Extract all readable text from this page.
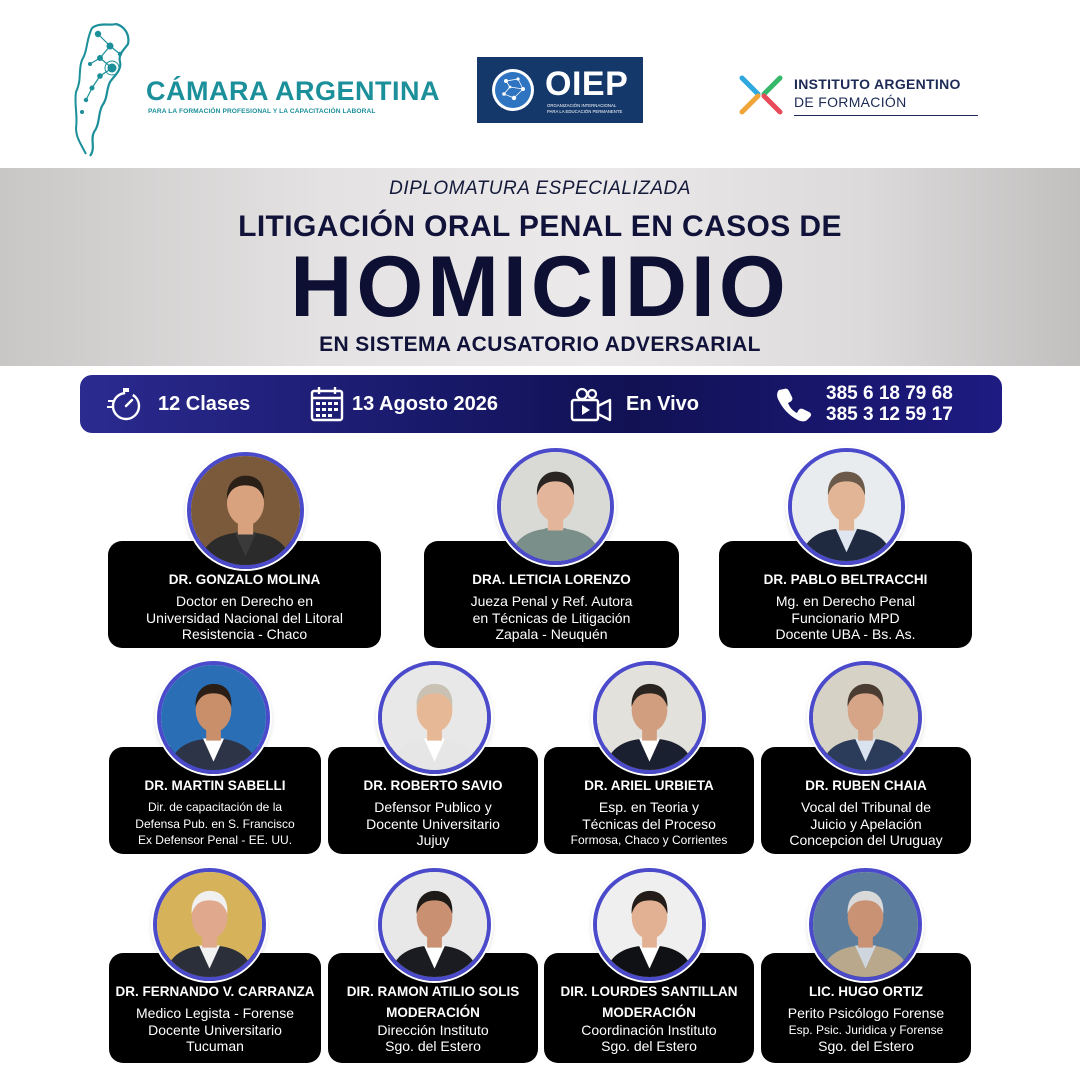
CÁMARA ARGENTINA
PARA LA FORMACIÓN PROFESIONAL Y LA CAPACITACIÓN LABORAL
OIEP
ORGANIZACIÓN INTERNACIONAL
PARA LA EDUCACIÓN PERMANENTE
INSTITUTO ARGENTINO
DE FORMACIÓN
DIPLOMATURA ESPECIALIZADA
LITIGACIÓN ORAL PENAL EN CASOS DE
HOMICIDIO
EN SISTEMA ACUSATORIO ADVERSARIAL
12 Clases	13 Agosto 2026	En Vivo	385 6 18 79 68
385 3 12 59 17
DR. GONZALO MOLINA
Doctor en Derecho en
Universidad Nacional del Litoral
Resistencia - Chaco
DRA. LETICIA LORENZO
Jueza Penal y Ref. Autora
en Técnicas de Litigación
Zapala - Neuquén
DR. PABLO BELTRACCHI
Mg. en Derecho Penal
Funcionario MPD
Docente UBA - Bs. As.
DR. MARTIN SABELLI
Dir. de capacitación de la
Defensa Pub. en S. Francisco
Ex Defensor Penal - EE. UU.
DR. ROBERTO SAVIO
Defensor Publico y
Docente Universitario
Jujuy
DR. ARIEL URBIETA
Esp. en Teoria y
Técnicas del Proceso
Formosa, Chaco y Corrientes
DR. RUBEN CHAIA
Vocal del Tribunal de
Juicio y Apelación
Concepcion del Uruguay
DR. FERNANDO V. CARRANZA
Medico Legista - Forense
Docente Universitario
Tucuman
DIR. RAMON ATILIO SOLIS
MODERACIÓN
Dirección Instituto
Sgo. del Estero
DIR. LOURDES SANTILLAN
MODERACIÓN
Coordinación Instituto
Sgo. del Estero
LIC. HUGO ORTIZ
Perito Psicólogo Forense
Esp. Psic. Juridica y Forense
Sgo. del Estero
